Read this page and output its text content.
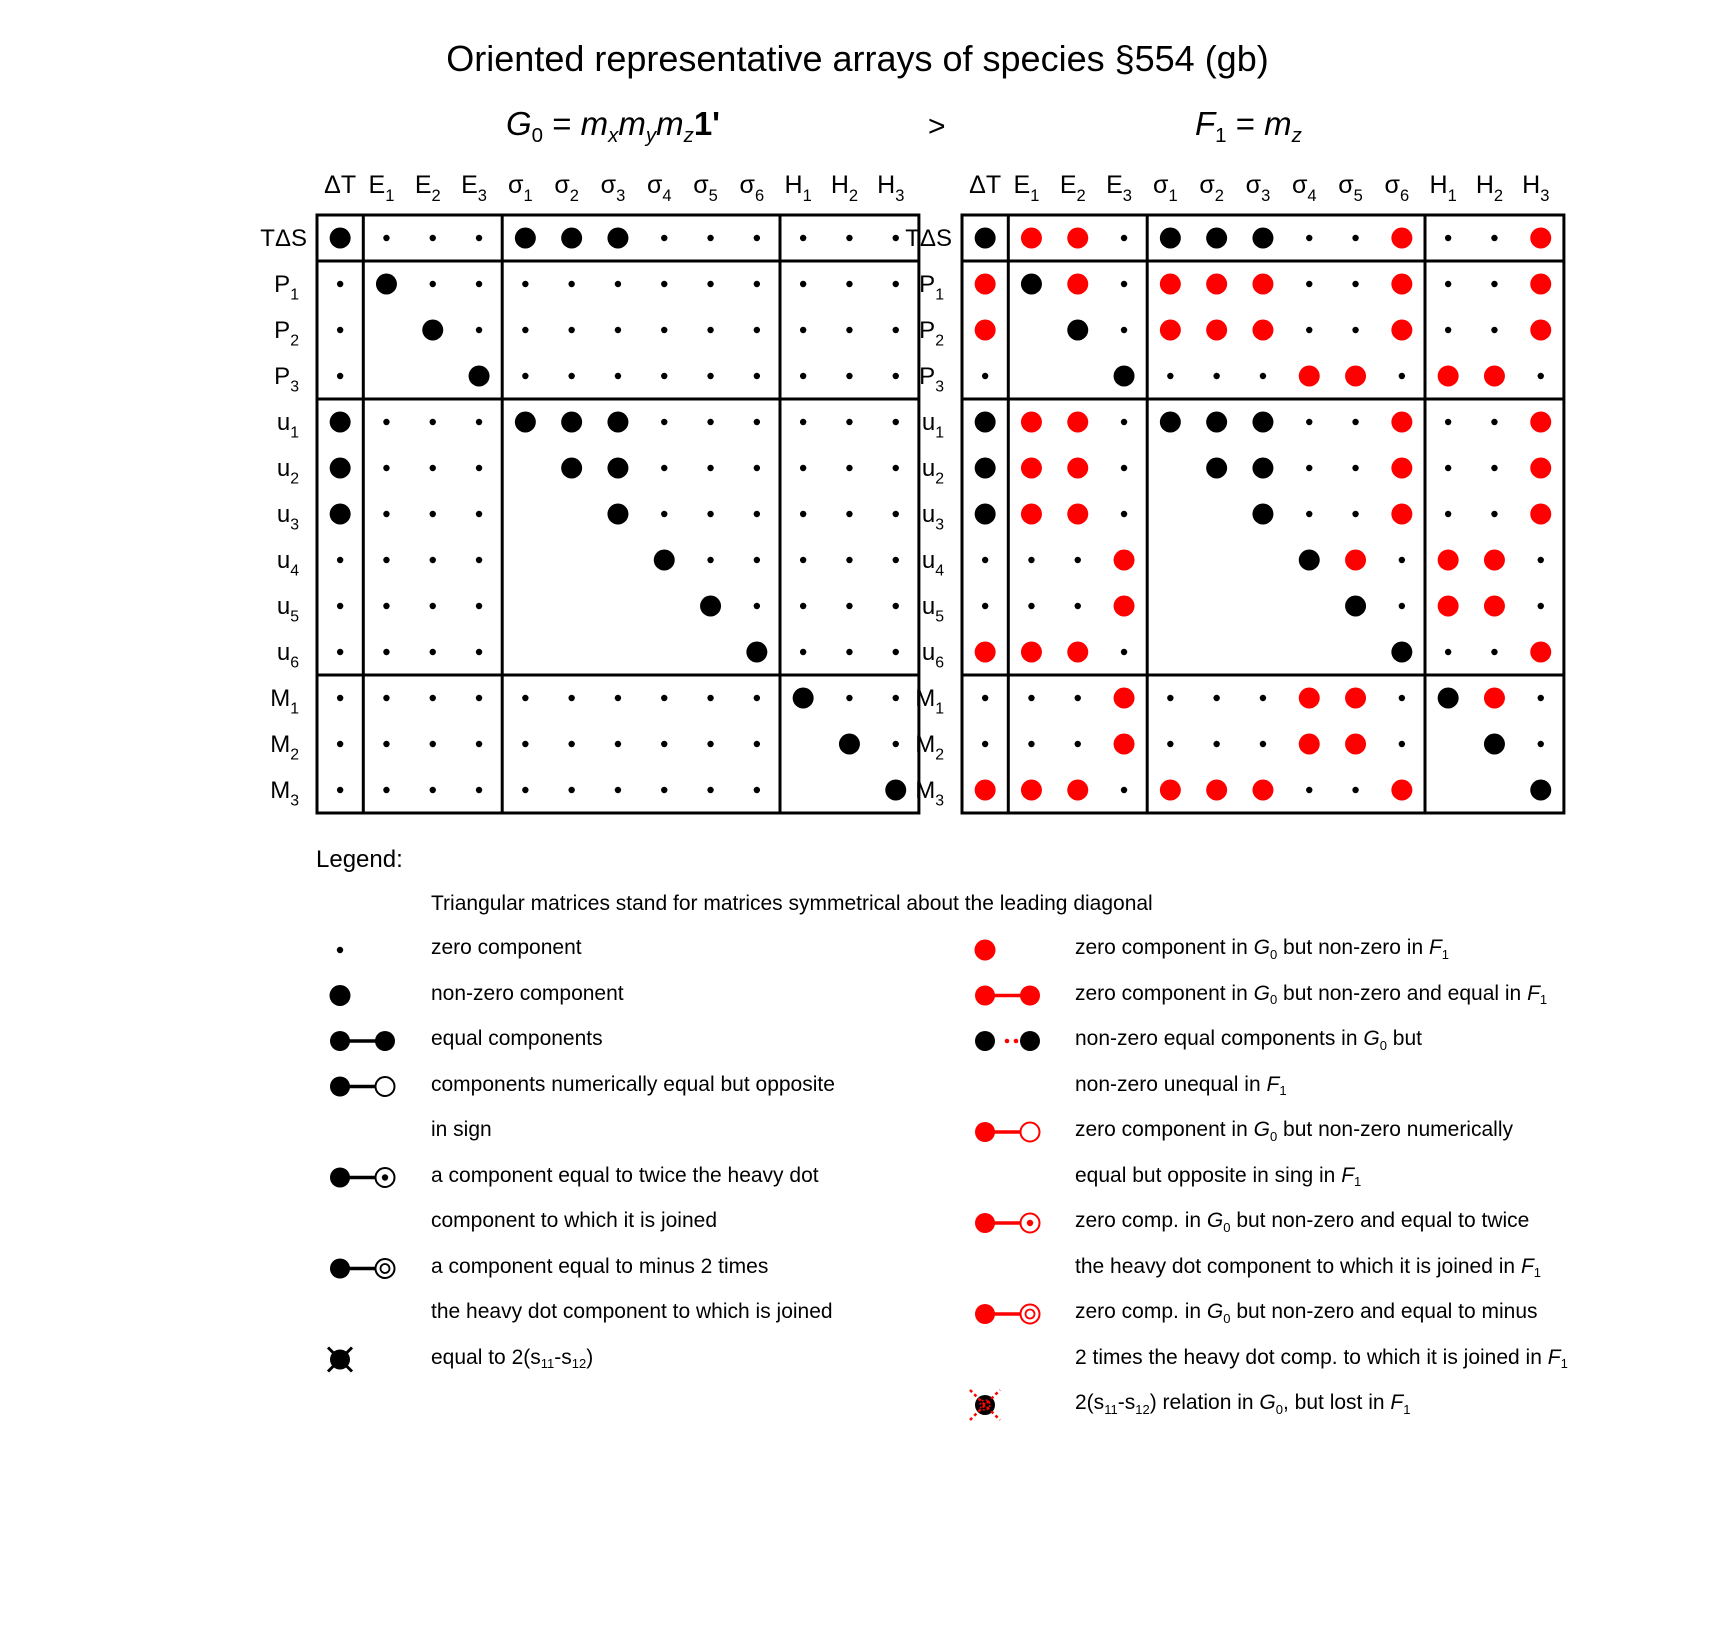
Oriented representative arrays of species §554 (gb)
$G_0 = m_xm_ym_z1'$	>	$F_1 = m_z$
ΔT $E_1$ $E_2$ $E_3$ $\sigma_1$ $\sigma_2$ $\sigma_3$ $\sigma_4$ $\sigma_5$ $\sigma_6$ $H_1$ $H_2$ $H_3$
TΔS
$P_1$
$P_2$
$P_3$
$u_1$
$u_2$
$u_3$
$u_4$
$u_5$
$u_6$
$M_1$
$M_2$
$M_3$
ΔT $E_1$ $E_2$ $E_3$ $\sigma_1$ $\sigma_2$ $\sigma_3$ $\sigma_4$ $\sigma_5$ $\sigma_6$ $H_1$ $H_2$ $H_3$
TΔS
$P_1$
$P_2$
$P_3$
$u_1$
$u_2$
$u_3$
$u_4$
$u_5$
$u_6$
$M_1$
$M_2$
$M_3$
Legend:
Triangular matrices stand for matrices symmetrical about the leading diagonal
zero component
non-zero component
equal components
components numerically equal but opposite
in sign
a component equal to twice the heavy dot
component to which it is joined
a component equal to minus 2 times
the heavy dot component to which is joined
equal to $2(s_{11}-s_{12})$
zero component in $G_0$ but non-zero in $F_1$
zero component in $G_0$ but non-zero and equal in $F_1$
non-zero equal components in $G_0$ but
non-zero unequal in $F_1$
zero component in $G_0$ but non-zero numerically
equal but opposite in sing in $F_1$
zero comp. in $G_0$ but non-zero and equal to twice
the heavy dot component to which it is joined in $F_1$
zero comp. in $G_0$ but non-zero and equal to minus
2 times the heavy dot comp. to which it is joined in $F_1$
$2(s_{11}-s_{12})$ relation in $G_0$, but lost in $F_1$
